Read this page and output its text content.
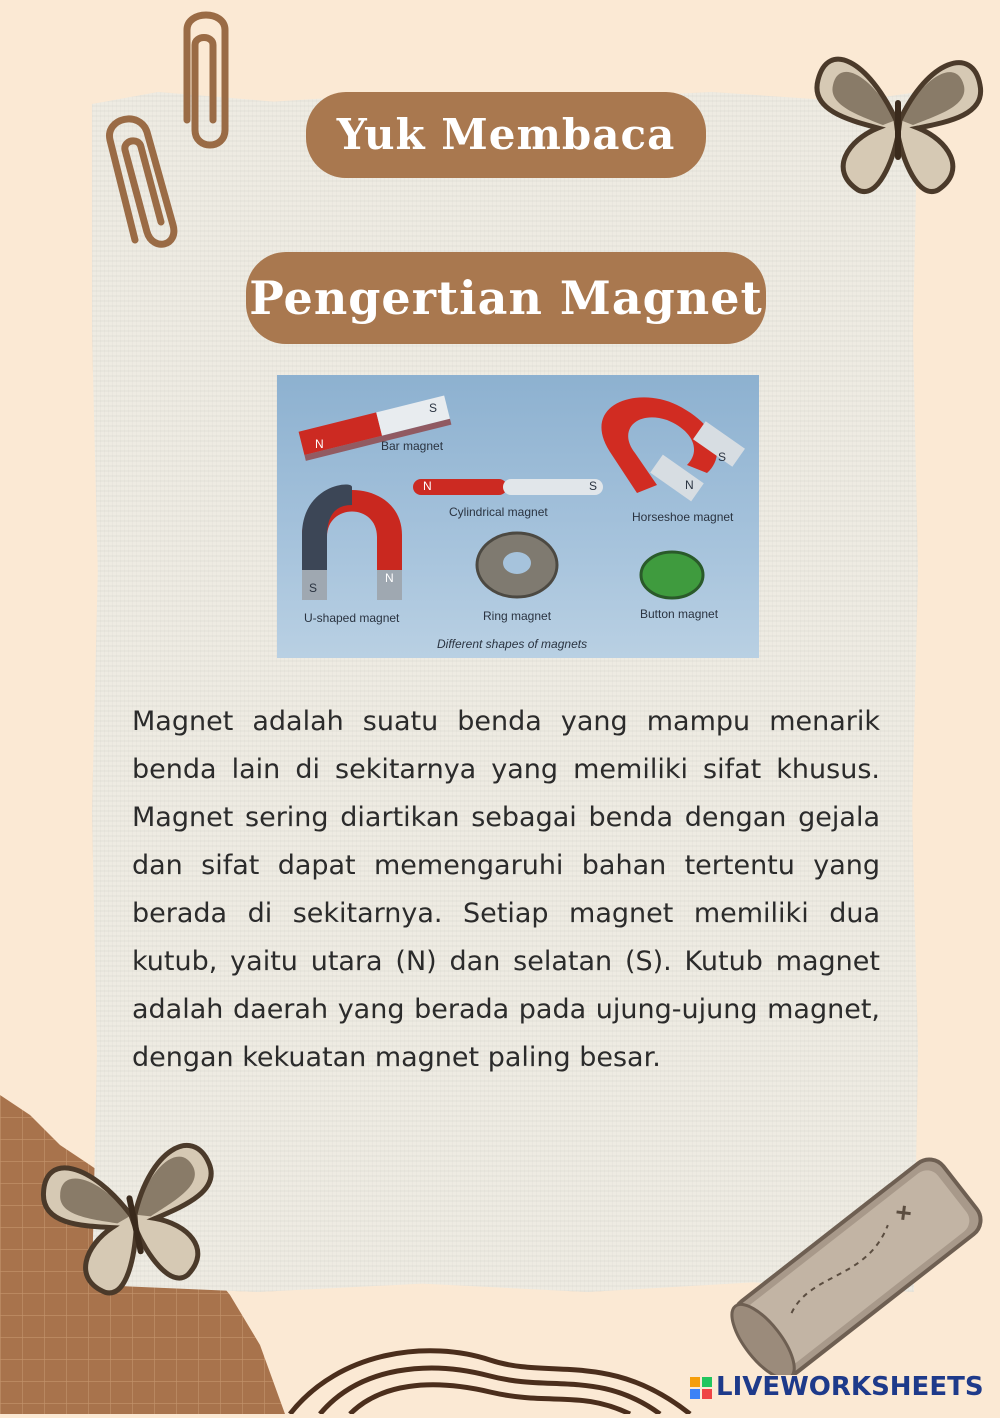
Yuk Membaca
Pengertian Magnet
N
S
N	S
S
N
S
N
Bar magnet
Cylindrical magnet	Horseshoe magnet
U-shaped magnet	Ring magnet	Button magnet
Different shapes of magnets

Magnet adalah suatu benda yang mampu menarik benda lain di sekitarnya yang memiliki sifat khusus. Magnet sering diartikan sebagai benda dengan gejala dan sifat dapat memengaruhi bahan tertentu yang berada di sekitarnya. Setiap magnet memiliki dua kutub, yaitu utara (N) dan selatan (S). Kutub magnet adalah daerah yang berada pada ujung-ujung magnet, dengan kekuatan magnet paling besar.

LIVEWORKSHEETS
